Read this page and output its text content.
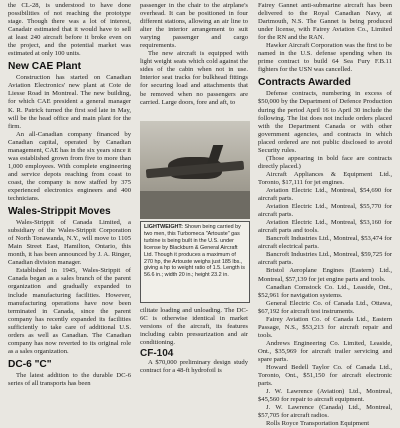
the CL-28, is understood to have done possibilities of not reaching the prototype stage. Though there was a lot of interest, Canadair estimated that it would have to sell at least 240 aircraft before it broke even on the project, and the potential market was estimated at only 100 units.

New CAE Plant

Construction has started on Canadian Aviation Electronics' new plant at Cote de Liesse Road in Montreal. The new building, for which CAE president a general manager K. R. Patrick turned the first sod late in May, will be the head office and main plant for the firm.

An all-Canadian company financed by Canadian capital, operated by Canadian management, CAE has in the six years since it was established grown from five to more than 1,000 employees. With complete engineering and service depots reaching from coast to coast, the company is now staffed by 375 experienced electronics engineers and 400 technicians.

Wales-Strippit Moves

Wales-Strippit of Canada Limited, a subsidiary of the Wales-Strippit Corporation of North Tonawanda, N.Y., will move to 1105 Main Street East, Hamilton, Ontario, this month, it has been announced by J. A. Ringer, Canadian division manager.

Established in 1945, Wales-Strippit of Canada began as a sales branch of the parent organization and gradually expanded to include manufacturing facilities. However, manufacturing operations have now been terminated in Canada, since the parent company has recently expanded its facilities sufficiently to take care of additional U.S. orders as well as Canadian. The Canadian company has now reverted to its original role as a sales organization.

DC-6 "C"

The latest addition to the durable DC-6 series of all transports has been

passenger in the chair to the airplane's overhead. It can be positioned in four different stations, allowing an air line to alter the interior arrangement to suit varying passenger and cargo requirements.

The new aircraft is equipped with light weight seats which cold against the sides of the cabin when not in use. Interior seat tracks for bulkhead fittings for securing load and attachments that be removed when no passengers are carried. Large doors, fore and aft, to

LIGHTWEIGHT: Shown being carried by two men, this Turbomeca "Artouste" gas turbine is being built in the U.S. under license by Blackburn & General Aircraft Ltd. Though it produces a maximum of 270 hp, the Artouste weighs just 185 lbs., giving a hp to weight ratio of 1.5. Length is 56.6 in.; width 20 in.; height 23.2 in.

cilitate loading and unloading. The DC-6C is otherwise identical in market versions of the aircraft, its features including cabin pressurization and air conditioning.

CF-104

A $70,000 preliminary design study contract for a 48-ft hydrofoil is

Fairey Gannet anti-submarine aircraft has been delivered to the Royal Canadian Navy, at Dartmouth, N.S. The Gannet is being produced under license, with Fairey Aviation Co., Limited for the RN and the RAN.

Hawker Aircraft Corporation was the first to be named in the U.S. defense spending when its prime contract to build 64 Sea Fury F.B.11 fighters for the USN was cancelled.

Contracts Awarded

Defense contracts, numbering in excess of $50,000 by the Department of Defence Production during the period April 16 to April 30 include the following. The list does not include orders placed with the Department Canada or with other government agencies, and contracts in which placed ordered are not public disclosed to avoid Security rules.

(Those appearing in bold face are contracts directly placed.)

Aircraft Appliances & Equipment Ltd., Toronto, $17,111 for jet engines.

Aviation Electric Ltd., Montreal, $54,690 for aircraft parts.

Aviation Electric Ltd., Montreal, $55,770 for aircraft parts.

Aviation Electric Ltd., Montreal, $53,160 for aircraft parts and tools.

Bancroft Industries Ltd., Montreal, $53,474 for aircraft electrical parts.

Bancroft Industries Ltd., Montreal, $59,725 for aircraft parts.

Bristol Aeroplane Engines (Eastern) Ltd., Montreal, $57,139 for jet engine parts and tools.

Canadian Comstock Co. Ltd., Leaside, Ont., $52,961 for navigation systems.

General Electric Co. of Canada Ltd., Ottawa, $67,192 for aircraft test instruments.

Fairey Aviation Co. of Canada Ltd., Eastern Passage, N.S., $53,213 for aircraft repair and tools.

Andrews Engineering Co. Limited, Leaside, Ont., $35,969 for aircraft trailer servicing and spare parts.

Howard Bedell Taylor Co. of Canada Ltd., Toronto, Ont., $51,150 for aircraft electronic parts.

J. W. Lawrence (Aviation) Ltd., Montreal, $45,560 for repair to aircraft equipment.

J. W. Lawrence (Canada) Ltd., Montreal, $57,705 for aircraft radios.

Rolls Royce Transportation Equipment
